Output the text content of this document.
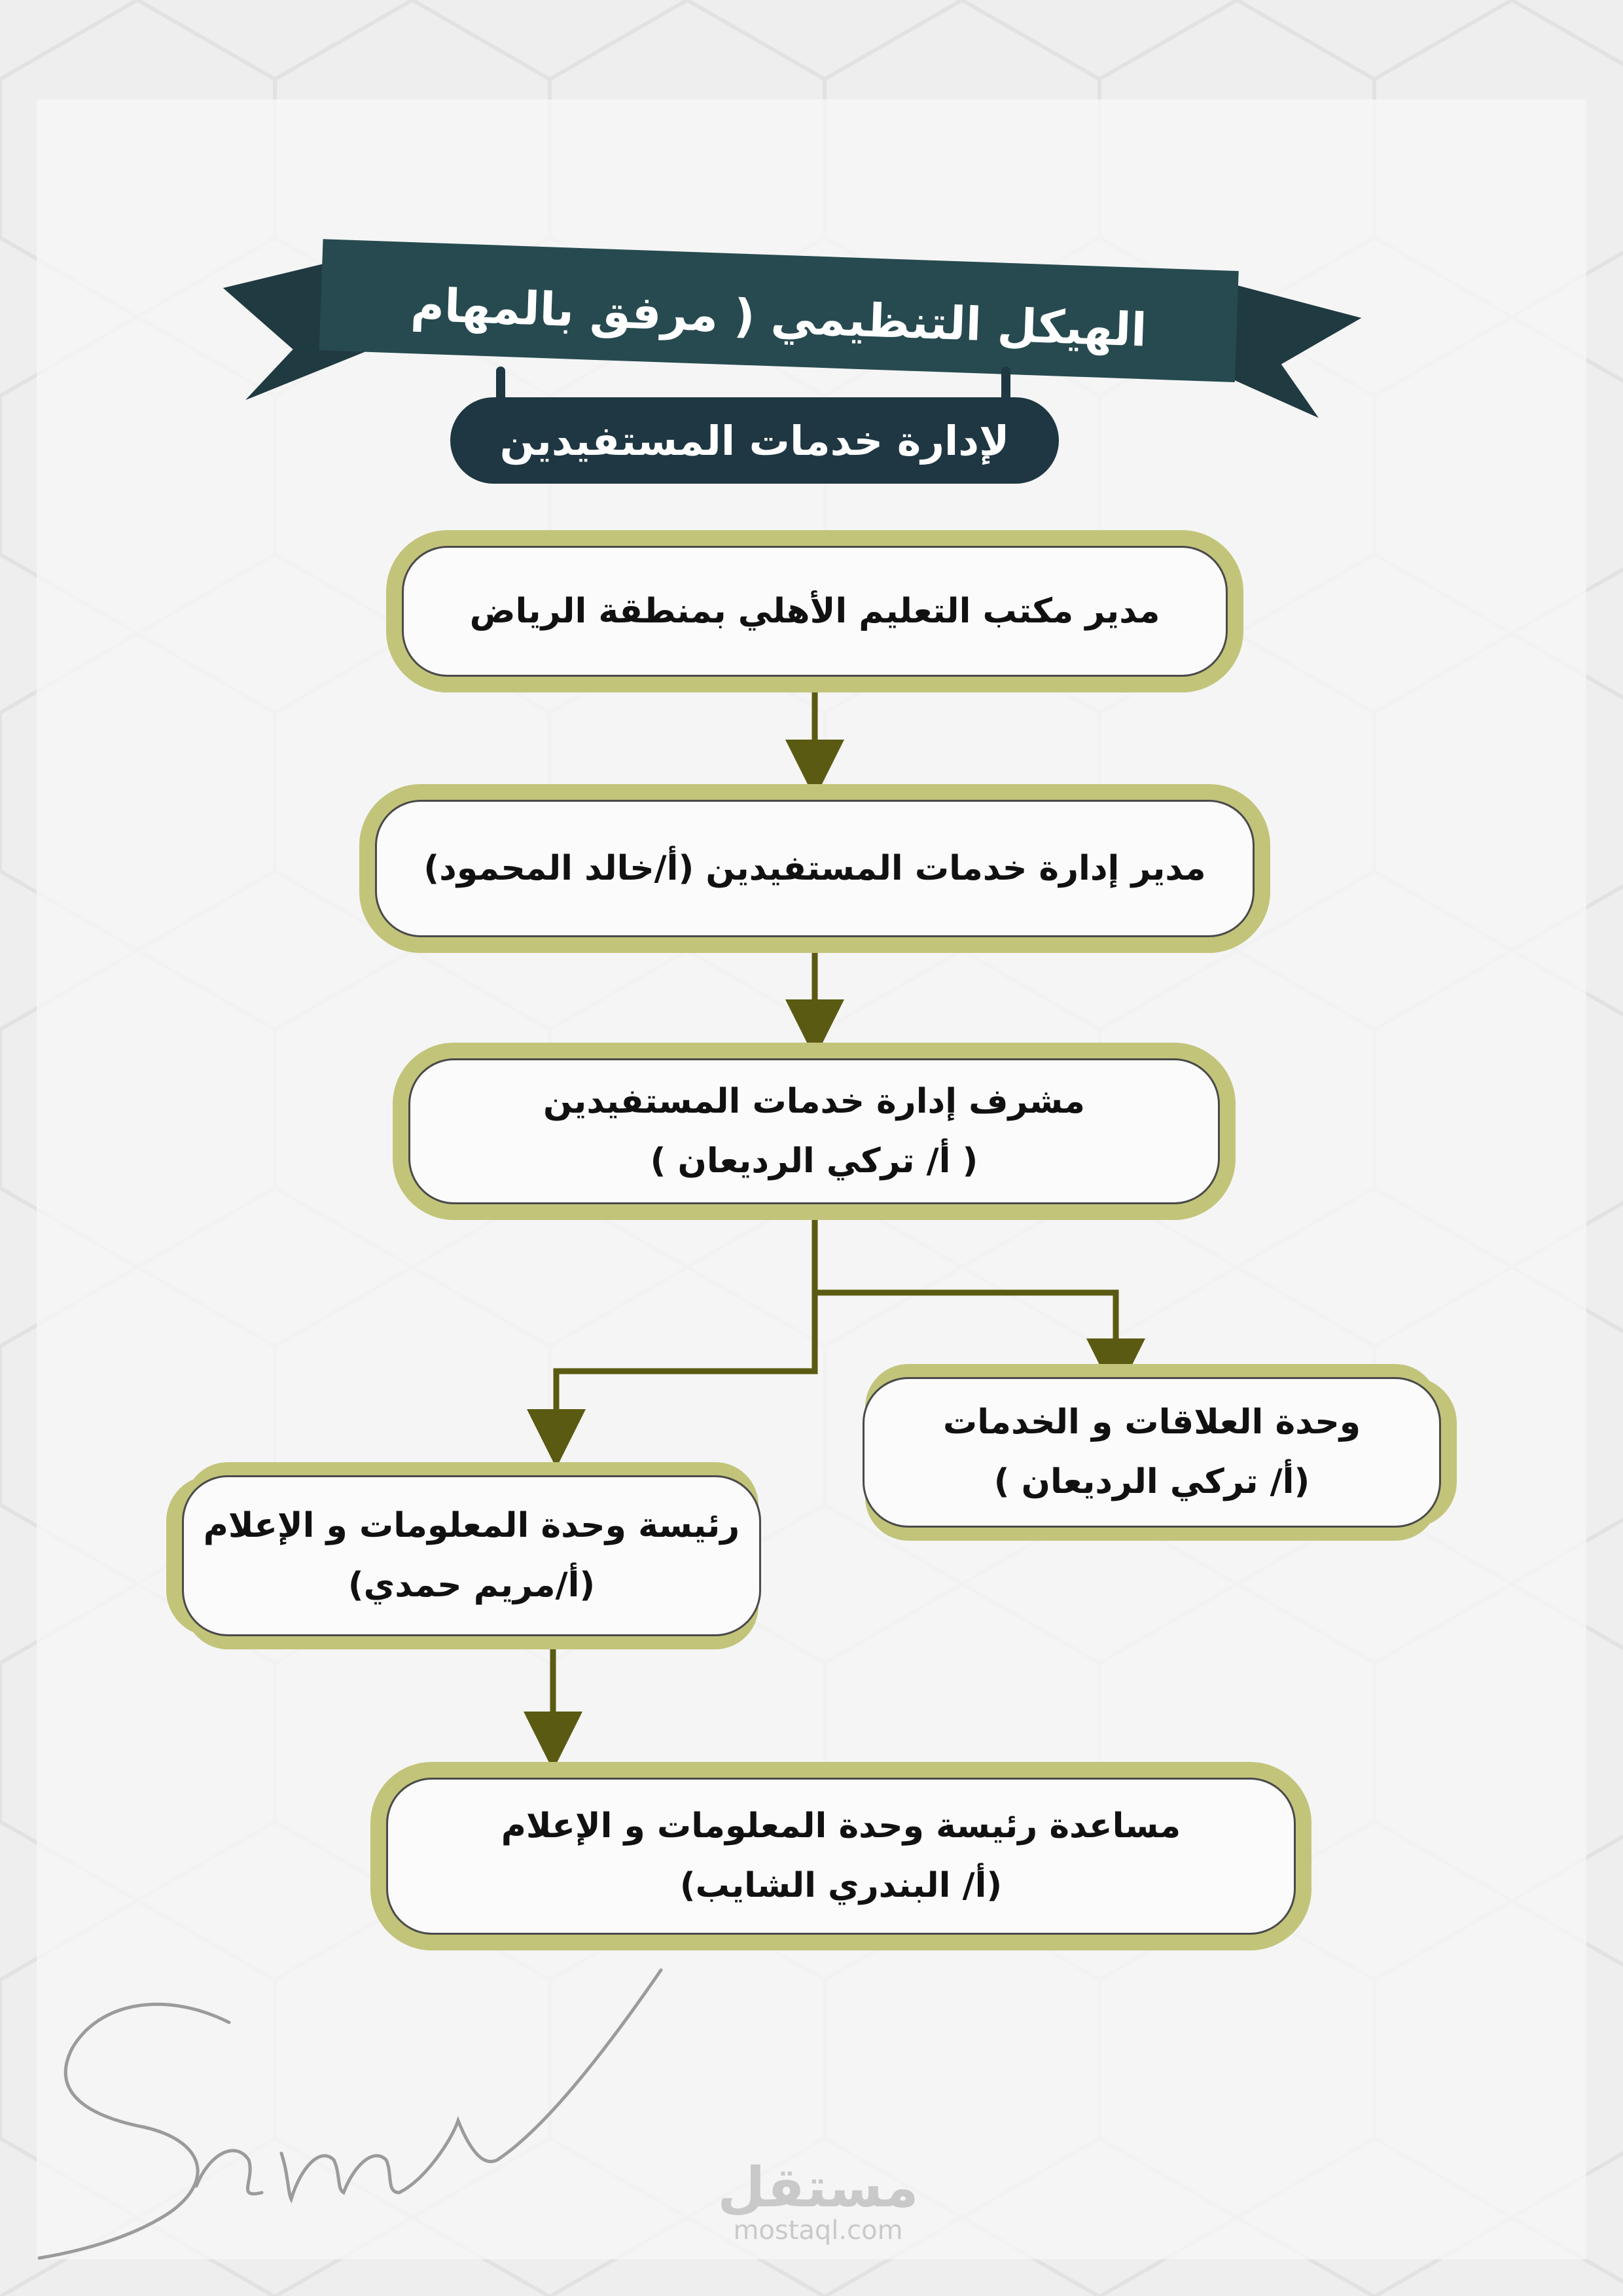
الهيكل التنظيمي ( مرفق بالمهام
لإدارة خدمات المستفيدين
مدير مكتب التعليم الأهلي بمنطقة الرياض
مدير إدارة خدمات المستفيدين (أ/خالد المحمود)
مشرف إدارة خدمات المستفيدين
( أ/ تركي الرديعان )
وحدة العلاقات و الخدمات
(أ/ تركي الرديعان )
رئيسة وحدة المعلومات و الإعلام
(أ/مريم حمدي)
مساعدة رئيسة وحدة المعلومات و الإعلام
(أ/ البندري الشايب)
مستقل
mostaql.com
